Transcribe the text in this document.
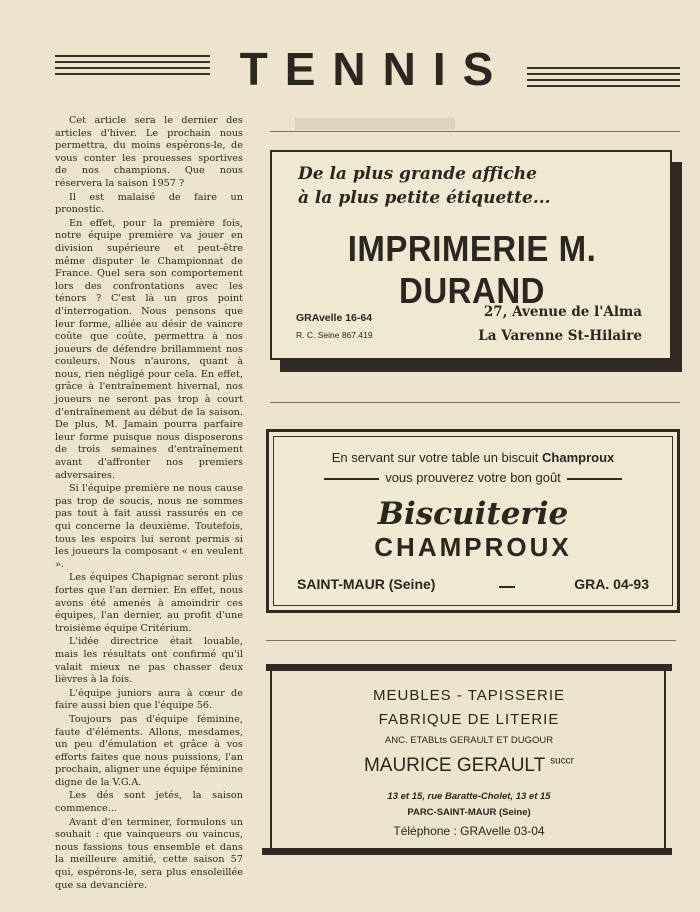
TENNIS

Cet article sera le dernier des articles d'hiver. Le prochain nous permettra, du moins espérons-le, de vous conter les prouesses sportives de nos champions. Que nous réservera la saison 1957 ?

Il est malaisé de faire un pronostic.

En effet, pour la première fois, notre équipe première va jouer en division supérieure et peut-être même disputer le Championnat de France. Quel sera son comportement lors des confrontations avec les ténors ? C'est là un gros point d'interrogation. Nous pensons que leur forme, alliée au désir de vaincre coûte que coûte, permettra à nos joueurs de défendre brillamment nos couleurs. Nous n'aurons, quant à nous, rien négligé pour cela. En effet, grâce à l'entraînement hivernal, nos joueurs ne seront pas trop à court d'entraînement au début de la saison. De plus, M. Jamain pourra parfaire leur forme puisque nous disposerons de trois semaines d'entraînement avant d'affronter nos premiers adversaires.

Si l'équipe première ne nous cause pas trop de soucis, nous ne sommes pas tout à fait aussi rassurés en ce qui concerne la deuxième. Toutefois, tous les espoirs lui seront permis si les joueurs la composant « en veulent ».

Les équipes Chapignac seront plus fortes que l'an dernier. En effet, nous avons été amenés à amoindrir ces équipes, l'an dernier, au profit d'une troisième équipe Critérium.

L'idée directrice était louable, mais les résultats ont confirmé qu'il valait mieux ne pas chasser deux lièvres à la fois.

L'équipe juniors aura à cœur de faire aussi bien que l'équipe 56.

Toujours pas d'équipe féminine, faute d'éléments. Allons, mesdames, un peu d'émulation et grâce à vos efforts faites que nous puissions, l'an prochain, aligner une équipe féminine digne de la V.G.A.

Les dés sont jetés, la saison commence...

Avant d'en terminer, formulons un souhait : que vainqueurs ou vaincus, nous fassions tous ensemble et dans la meilleure amitié, cette saison 57 qui, espérons-le, sera plus ensoleillée que sa devancière.

De la plus grande affiche
à la plus petite étiquette...
IMPRIMERIE M. DURAND
GRAvelle 16-64
R. C. Seine 867.419
27, Avenue de l'Alma
La Varenne St-Hilaire
En servant sur votre table un biscuit Champroux
vous prouverez votre bon goût
Biscuiterie
CHAMPROUX
SAINT-MAUR (Seine)	GRA. 04-93
MEUBLES - TAPISSERIE
FABRIQUE DE LITERIE
ANC. ETABLts GERAULT ET DUGOUR
MAURICE GERAULT $^{succr}$
13 et 15, rue Baratte-Cholet, 13 et 15
PARC-SAINT-MAUR (Seine)
Téléphone : GRAvelle 03-04
